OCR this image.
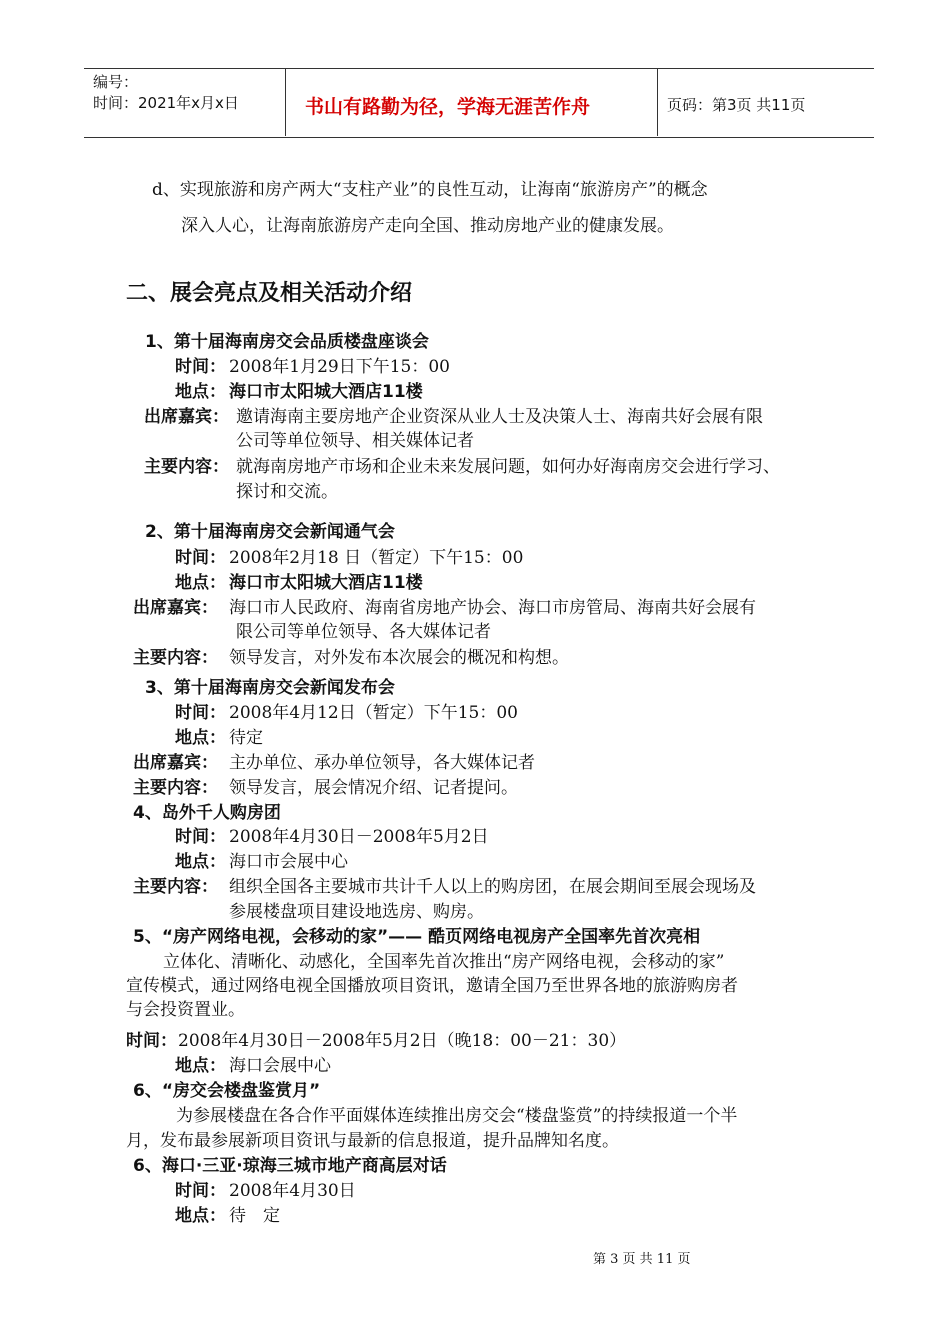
编号：
时间：2021年x月x日	书山有路勤为径，学海无涯苦作舟	页码：第3页 共11页
d、实现旅游和房产两大“支柱产业”的良性互动，让海南“旅游房产”的概念
深入人心，让海南旅游房产走向全国、推动房地产业的健康发展。
二、展会亮点及相关活动介绍
1、第十届海南房交会品质楼盘座谈会
时间： 2008年1月29日下午15：00
地点： 海口市太阳城大酒店11楼
出席嘉宾： 邀请海南主要房地产企业资深从业人士及决策人士、海南共好会展有限
公司等单位领导、相关媒体记者
主要内容： 就海南房地产市场和企业未来发展问题，如何办好海南房交会进行学习、
探讨和交流。
2、第十届海南房交会新闻通气会
时间： 2008年2月18 日（暂定）下午15：00
地点： 海口市太阳城大酒店11楼
出席嘉宾： 海口市人民政府、海南省房地产协会、海口市房管局、海南共好会展有
限公司等单位领导、各大媒体记者
主要内容： 领导发言，对外发布本次展会的概况和构想。
3、第十届海南房交会新闻发布会
时间： 2008年4月12日（暂定）下午15：00
地点： 待定
出席嘉宾： 主办单位、承办单位领导，各大媒体记者
主要内容： 领导发言，展会情况介绍、记者提问。
4、岛外千人购房团
时间： 2008年4月30日－2008年5月2日
地点： 海口市会展中心
主要内容： 组织全国各主要城市共计千人以上的购房团，在展会期间至展会现场及
参展楼盘项目建设地选房、购房。
5、“房产网络电视，会移动的家”—— 酷页网络电视房产全国率先首次亮相
立体化、清晰化、动感化，全国率先首次推出“房产网络电视，会移动的家”
宣传模式，通过网络电视全国播放项目资讯，邀请全国乃至世界各地的旅游购房者
与会投资置业。
时间： 2008年4月30日－2008年5月2日（晚18：00－21：30）
地点： 海口会展中心
6、“房交会楼盘鉴赏月”
为参展楼盘在各合作平面媒体连续推出房交会“楼盘鉴赏”的持续报道一个半
月，发布最参展新项目资讯与最新的信息报道，提升品牌知名度。
6、海口·三亚·琼海三城市地产商高层对话
时间： 2008年4月30日
地点： 待　定
第 3 页 共 11 页
